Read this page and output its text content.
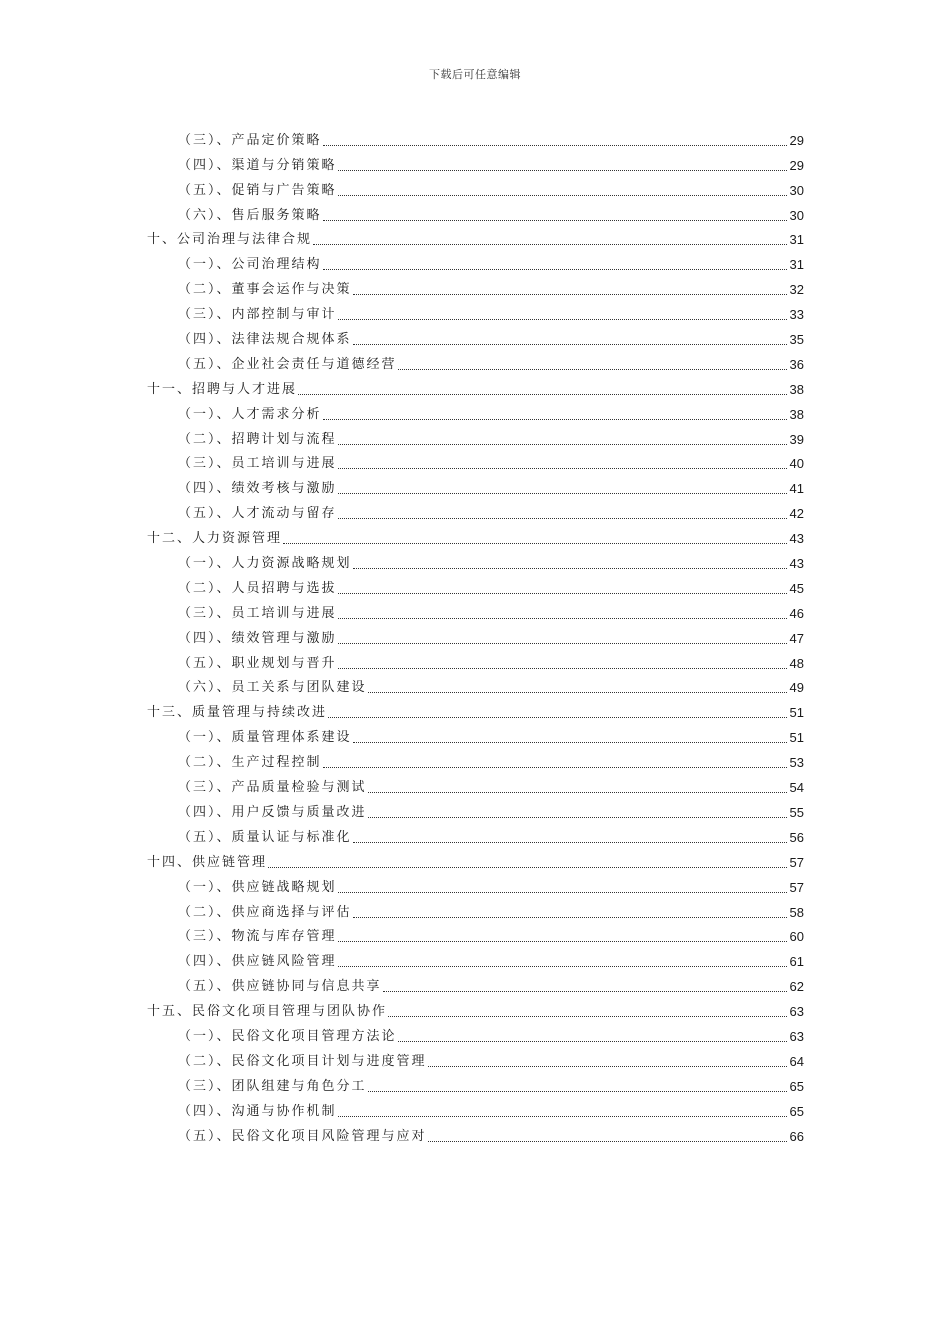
下载后可任意编辑
（三）、产品定价策略	29
（四）、渠道与分销策略	29
（五）、促销与广告策略	30
（六）、售后服务策略	30
十、公司治理与法律合规	31
（一）、公司治理结构	31
（二）、董事会运作与决策	32
（三）、内部控制与审计	33
（四）、法律法规合规体系	35
（五）、企业社会责任与道德经营	36
十一、招聘与人才进展	38
（一）、人才需求分析	38
（二）、招聘计划与流程	39
（三）、员工培训与进展	40
（四）、绩效考核与激励	41
（五）、人才流动与留存	42
十二、人力资源管理	43
（一）、人力资源战略规划	43
（二）、人员招聘与选拔	45
（三）、员工培训与进展	46
（四）、绩效管理与激励	47
（五）、职业规划与晋升	48
（六）、员工关系与团队建设	49
十三、质量管理与持续改进	51
（一）、质量管理体系建设	51
（二）、生产过程控制	53
（三）、产品质量检验与测试	54
（四）、用户反馈与质量改进	55
（五）、质量认证与标准化	56
十四、供应链管理	57
（一）、供应链战略规划	57
（二）、供应商选择与评估	58
（三）、物流与库存管理	60
（四）、供应链风险管理	61
（五）、供应链协同与信息共享	62
十五、民俗文化项目管理与团队协作	63
（一）、民俗文化项目管理方法论	63
（二）、民俗文化项目计划与进度管理	64
（三）、团队组建与角色分工	65
（四）、沟通与协作机制	65
（五）、民俗文化项目风险管理与应对	66
